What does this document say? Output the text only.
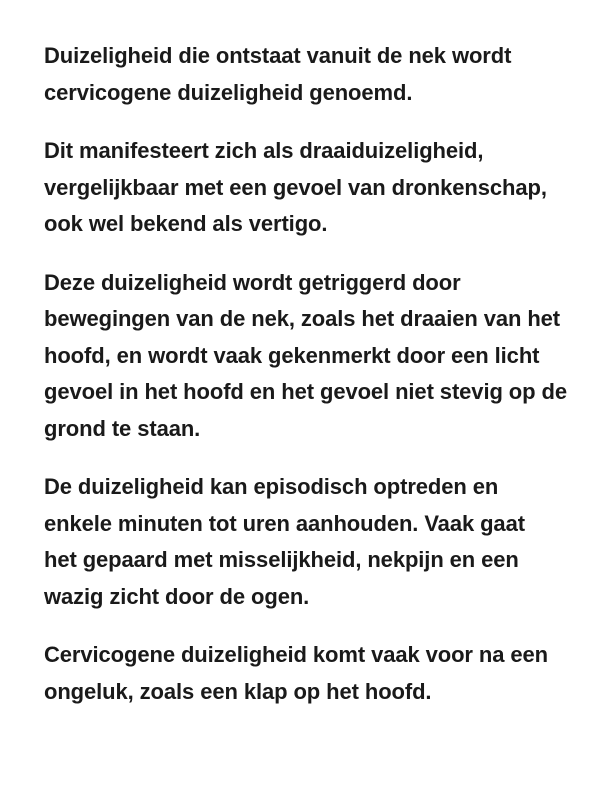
Duizeligheid die ontstaat vanuit de nek wordt
cervicogene duizeligheid genoemd.

Dit manifesteert zich als draaiduizeligheid,
vergelijkbaar met een gevoel van dronkenschap,
ook wel bekend als vertigo.

Deze duizeligheid wordt getriggerd door
bewegingen van de nek, zoals het draaien van het
hoofd, en wordt vaak gekenmerkt door een licht
gevoel in het hoofd en het gevoel niet stevig op de
grond te staan.

De duizeligheid kan episodisch optreden en
enkele minuten tot uren aanhouden. Vaak gaat
het gepaard met misselijkheid, nekpijn en een
wazig zicht door de ogen.

Cervicogene duizeligheid komt vaak voor na een
ongeluk, zoals een klap op het hoofd.
